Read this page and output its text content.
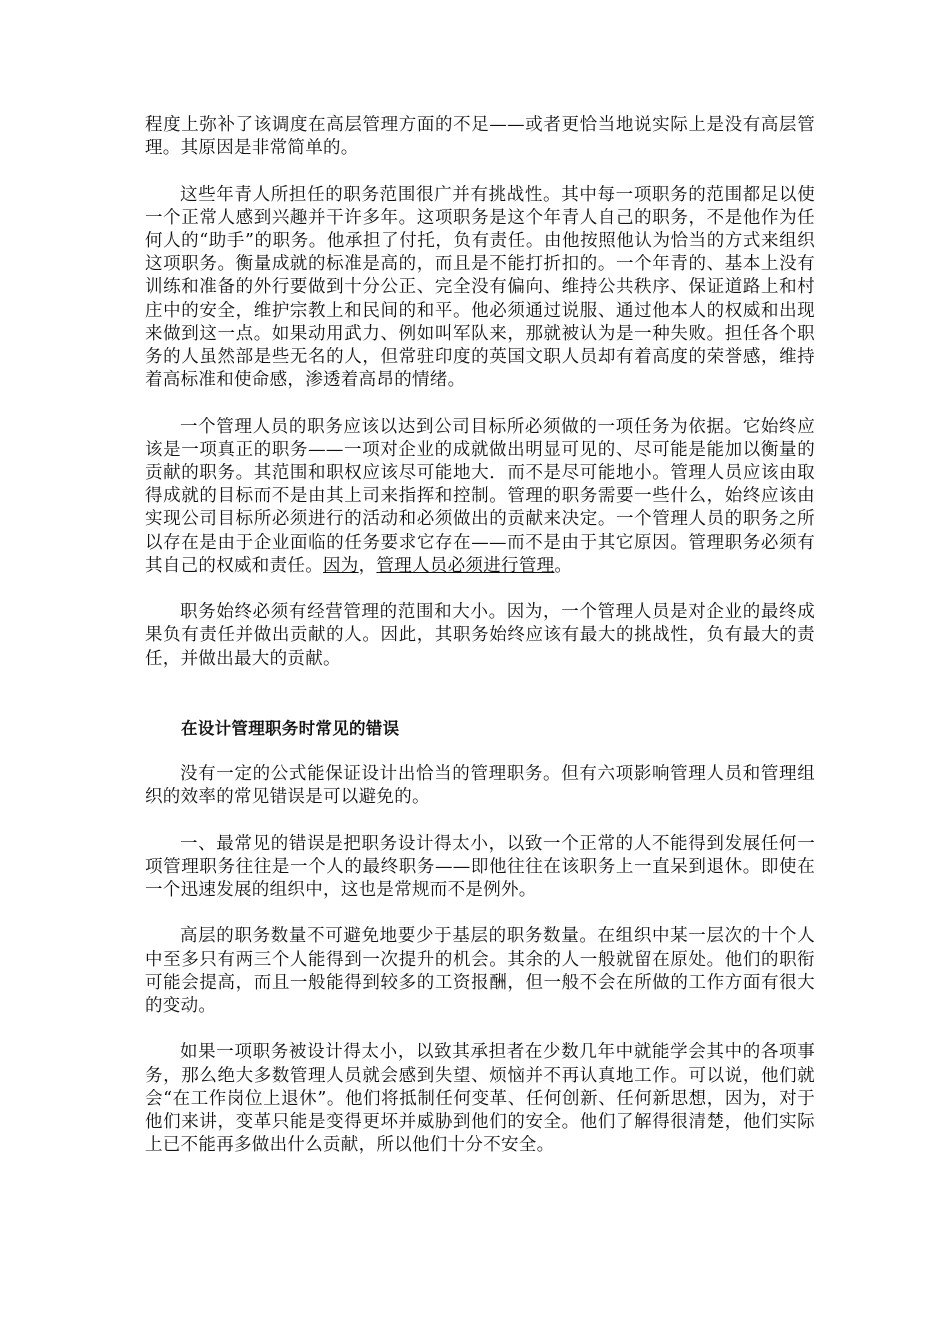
程度上弥补了该调度在高层管理方面的不足——或者更恰当地说实际上是没有高层管理。其原因是非常简单的。

这些年青人所担任的职务范围很广并有挑战性。其中每一项职务的范围都足以使一个正常人感到兴趣并干许多年。这项职务是这个年青人自己的职务，不是他作为任何人的“助手”的职务。他承担了付托，负有责任。由他按照他认为恰当的方式来组织这项职务。衡量成就的标准是高的，而且是不能打折扣的。一个年青的、基本上没有训练和准备的外行要做到十分公正、完全没有偏向、维持公共秩序、保证道路上和村庄中的安全，维护宗教上和民间的和平。他必须通过说服、通过他本人的权威和出现来做到这一点。如果动用武力、例如叫军队来，那就被认为是一种失败。担任各个职务的人虽然部是些无名的人，但常驻印度的英国文职人员却有着高度的荣誉感，维持着高标准和使命感，渗透着高昂的情绪。

一个管理人员的职务应该以达到公司目标所必须做的一项任务为依据。它始终应该是一项真正的职务——一项对企业的成就做出明显可见的、尽可能是能加以衡量的贡献的职务。其范围和职权应该尽可能地大．而不是尽可能地小。管理人员应该由取得成就的目标而不是由其上司来指挥和控制。管理的职务需要一些什么，始终应该由实现公司目标所必须进行的活动和必须做出的贡献来决定。一个管理人员的职务之所以存在是由于企业面临的任务要求它存在——而不是由于其它原因。管理职务必须有其自己的权威和责任。因为，管理人员必须进行管理。

职务始终必须有经营管理的范围和大小。因为，一个管理人员是对企业的最终成果负有责任并做出贡献的人。因此，其职务始终应该有最大的挑战性，负有最大的责任，并做出最大的贡献。

在设计管理职务时常见的错误

没有一定的公式能保证设计出恰当的管理职务。但有六项影响管理人员和管理组织的效率的常见错误是可以避免的。

一、最常见的错误是把职务设计得太小，以致一个正常的人不能得到发展任何一项管理职务往往是一个人的最终职务——即他往往在该职务上一直呆到退休。即使在一个迅速发展的组织中，这也是常规而不是例外。

高层的职务数量不可避免地要少于基层的职务数量。在组织中某一层次的十个人中至多只有两三个人能得到一次提升的机会。其余的人一般就留在原处。他们的职衔可能会提高，而且一般能得到较多的工资报酬，但一般不会在所做的工作方面有很大的变动。

如果一项职务被设计得太小，以致其承担者在少数几年中就能学会其中的各项事务，那么绝大多数管理人员就会感到失望、烦恼并不再认真地工作。可以说，他们就会“在工作岗位上退休”。他们将抵制任何变革、任何创新、任何新思想，因为，对于他们来讲，变革只能是变得更坏并威胁到他们的安全。他们了解得很清楚，他们实际上已不能再多做出什么贡献，所以他们十分不安全。
